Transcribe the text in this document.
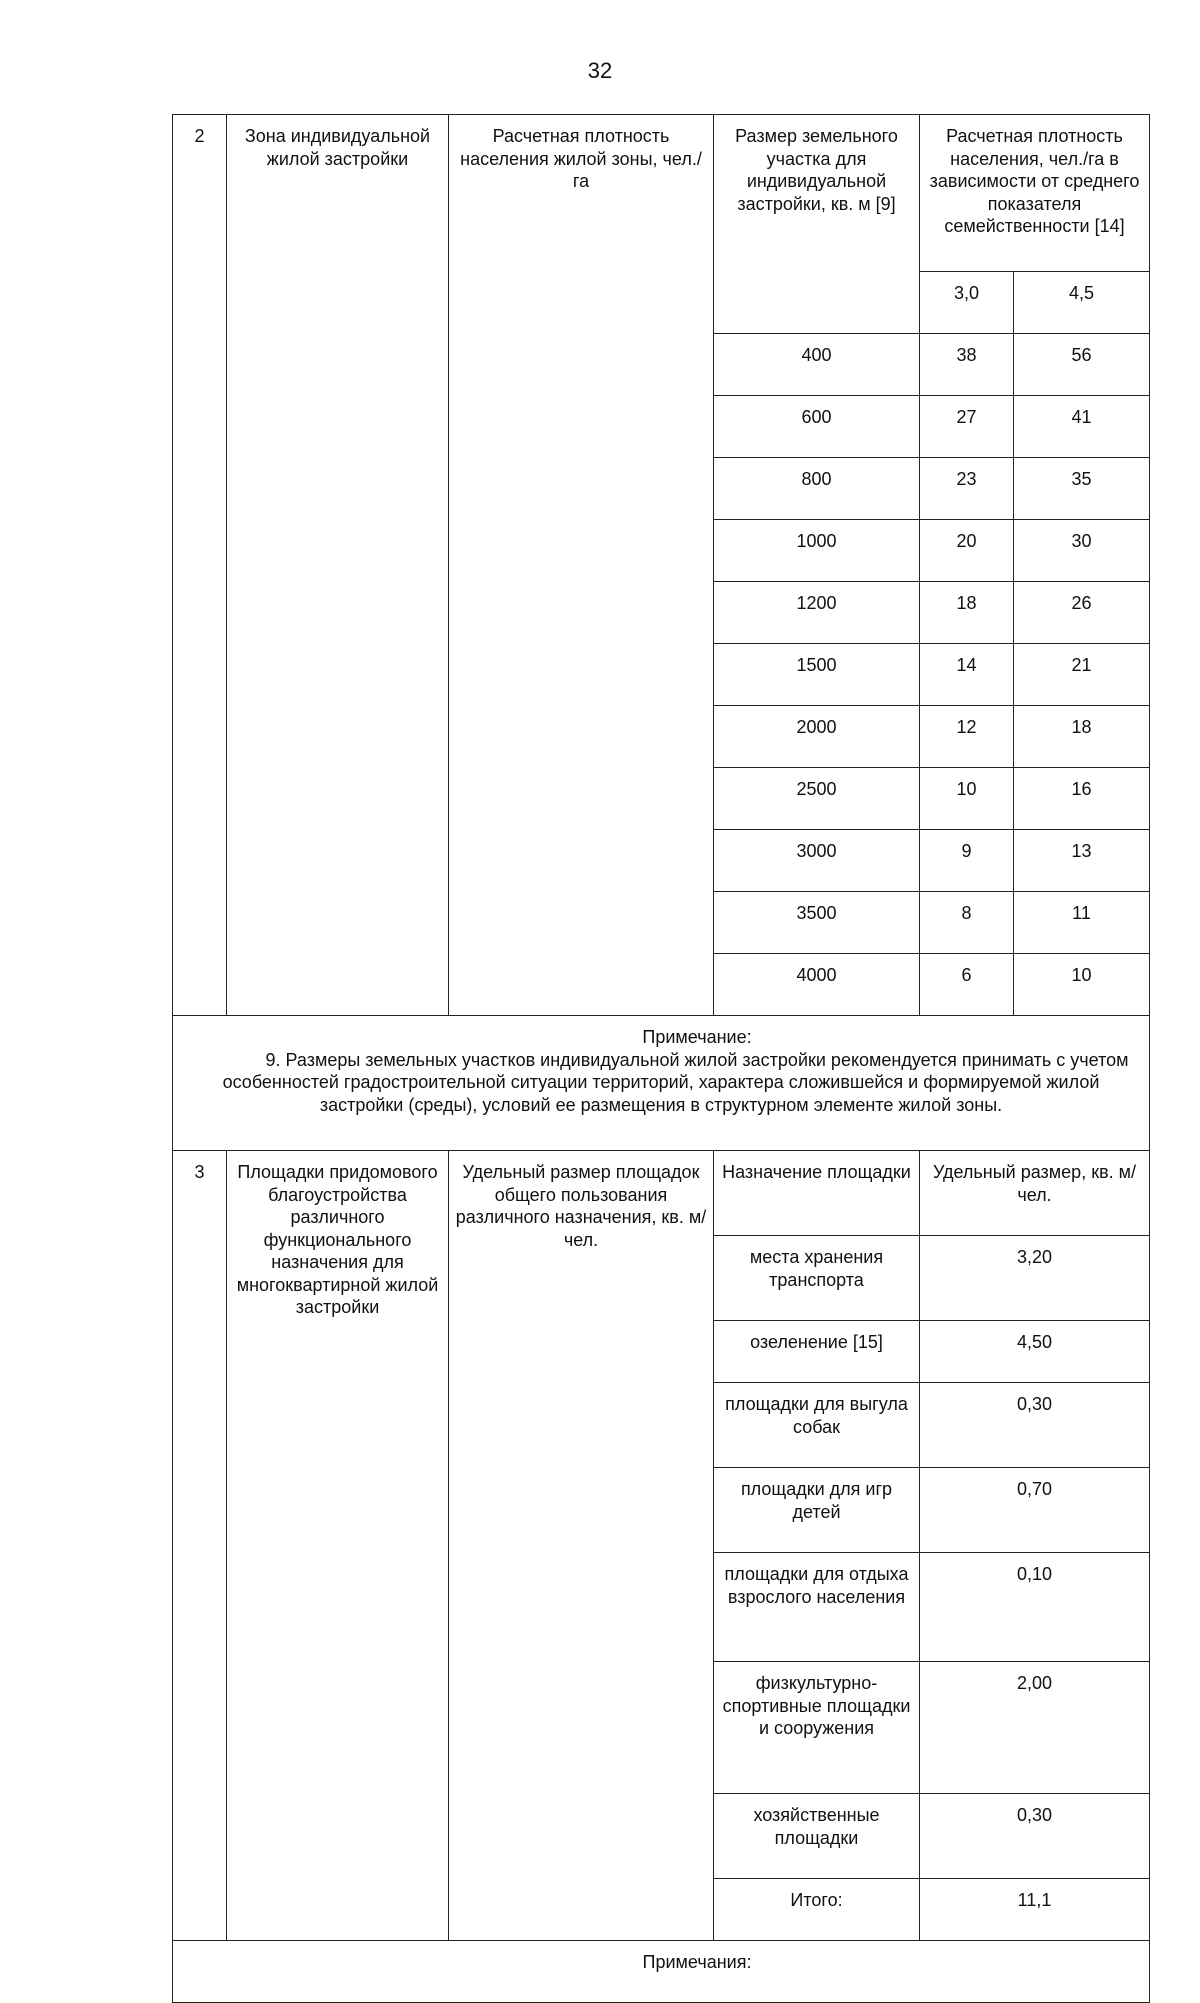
32
2	Зона индивидуальной жилой застройки	Расчетная плотность населения жилой зоны, чел./га	Размер земельного участка для индивидуальной застройки, кв. м [9]	Расчетная плотность населения, чел./га в зависимости от среднего показателя семейственности [14]	
				3,0	4,5
			400	38	56
			600	27	41
			800	23	35
			1000	20	30
			1200	18	26
			1500	14	21
			2000	12	18
			2500	10	16
			3000	9	13
			3500	8	11
			4000	6	10

Примечание:

9. Размеры земельных участков индивидуальной жилой застройки рекомендуется принимать с учетом особенностей градостроительной ситуации территорий, характера сложившейся и формируемой жилой застройки (среды), условий ее размещения в структурном элементе жилой зоны.					

3	Площадки придомового благоустройства различного функционального назначения для многоквартирной жилой застройки	Удельный размер площадок общего пользования различного назначения, кв. м/чел.	Назначение площадки	Удельный размер, кв. м/чел.	
			места хранения транспорта	3,20	
			озеленение [15]	4,50	
			площадки для выгула собак	0,30	
			площадки для игр детей	0,70	
			площадки для отдыха взрослого населения	0,10	
			физкультурно-спортивные площадки и сооружения	2,00	
			хозяйственные площадки	0,30	
			Итого:	11,1	

Примечания:					
